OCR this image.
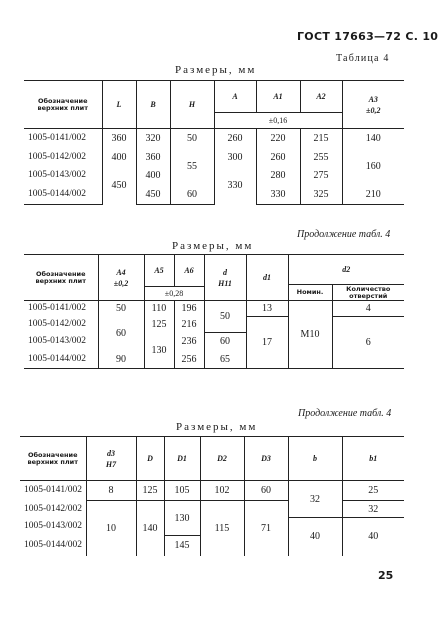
ГОСТ 17663—72 С. 10
Таблица 4
Размеры, мм
Обозначение верхних плит	L	B	H	A	A1	A2	A3
±0,2
				±0,16			
1005-0141/002	360	320	50	260	220	215	140
1005-0142/002	400	360	55	300	260	255	160
1005-0143/002	450	400		330	280	275	
1005-0144/002		450	60		330	325	210
Продолжение табл. 4
Размеры, мм
Обозначение верхних плит	A4
±0,2	A5	A6	d
H11	d1	d2	
						Номин.	Количество отверстий
		±0,28					
1005-0141/002	50	110	196	50	13	M10	4
1005-0142/002	60	125	216		17		6
1005-0143/002		130	236	60			
1005-0144/002	90		256	65			
Продолжение табл. 4
Размеры, мм
Обозначение верхних плит	d3
H7	D	D1	D2	D3	b	b1
1005-0141/002	8	125	105	102	60	32	25
1005-0142/002	10	140	130	115	71		32
1005-0143/002						40	40
1005-0144/002			145				
25
